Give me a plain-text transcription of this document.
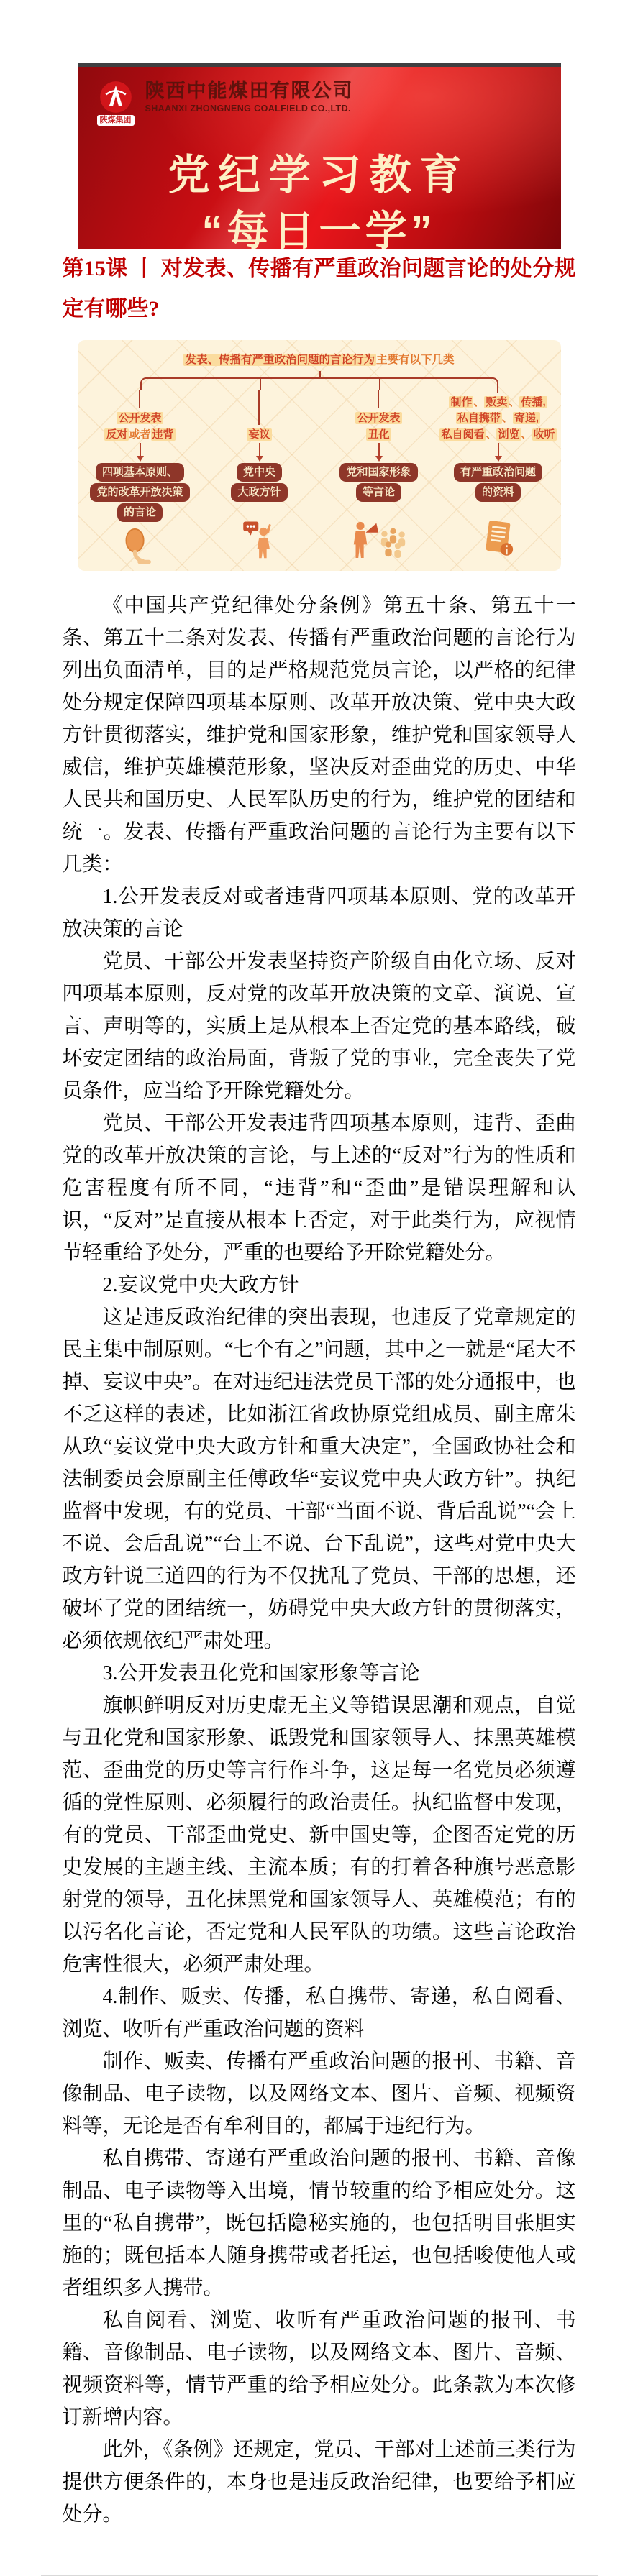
陕煤集团
陕西中能煤田有限公司
SHAANXI ZHONGNENG COALFIELD CO.,LTD.
党纪学习教育
“每日一学”
第15课 丨 对发表、传播有严重政治问题言论的处分规定有哪些?
发表、传播有严重政治问题的言论行为 主要有以下几类
公开发表
反对 或者 违背
四项基本原则、
党的改革开放决策
的言论
妄议
党中央
大政方针
公开发表
丑化
党和国家形象
等言论
制作 、 贩卖 、 传播,
私自携带 、 寄递,
私自阅看 、 浏览 、 收听
有严重政治问题
的资料

《中国共产党纪律处分条例》第五十条、第五十一条、第五十二条对发表、传播有严重政治问题的言论行为列出负面清单，目的是严格规范党员言论，以严格的纪律处分规定保障四项基本原则、改革开放决策、党中央大政方针贯彻落实，维护党和国家形象，维护党和国家领导人威信，维护英雄模范形象，坚决反对歪曲党的历史、中华人民共和国历史、人民军队历史的行为，维护党的团结和统一。发表、传播有严重政治问题的言论行为主要有以下几类：

1.公开发表反对或者违背四项基本原则、党的改革开放决策的言论

党员、干部公开发表坚持资产阶级自由化立场、反对四项基本原则，反对党的改革开放决策的文章、演说、宣言、声明等的，实质上是从根本上否定党的基本路线，破坏安定团结的政治局面，背叛了党的事业，完全丧失了党员条件，应当给予开除党籍处分。

党员、干部公开发表违背四项基本原则，违背、歪曲党的改革开放决策的言论，与上述的“反对”行为的性质和危害程度有所不同，“违背”和“歪曲”是错误理解和认识，“反对”是直接从根本上否定，对于此类行为，应视情节轻重给予处分，严重的也要给予开除党籍处分。

2.妄议党中央大政方针

这是违反政治纪律的突出表现，也违反了党章规定的民主集中制原则。“七个有之”问题，其中之一就是“尾大不掉、妄议中央”。在对违纪违法党员干部的处分通报中，也不乏这样的表述，比如浙江省政协原党组成员、副主席朱从玖“妄议党中央大政方针和重大决定”，全国政协社会和法制委员会原副主任傅政华“妄议党中央大政方针”。执纪监督中发现，有的党员、干部“当面不说、背后乱说”“会上不说、会后乱说”“台上不说、台下乱说”，这些对党中央大政方针说三道四的行为不仅扰乱了党员、干部的思想，还破坏了党的团结统一，妨碍党中央大政方针的贯彻落实，必须依规依纪严肃处理。

3.公开发表丑化党和国家形象等言论

旗帜鲜明反对历史虚无主义等错误思潮和观点，自觉与丑化党和国家形象、诋毁党和国家领导人、抹黑英雄模范、歪曲党的历史等言行作斗争，这是每一名党员必须遵循的党性原则、必须履行的政治责任。执纪监督中发现，有的党员、干部歪曲党史、新中国史等，企图否定党的历史发展的主题主线、主流本质；有的打着各种旗号恶意影射党的领导，丑化抹黑党和国家领导人、英雄模范；有的以污名化言论，否定党和人民军队的功绩。这些言论政治危害性很大，必须严肃处理。

4.制作、贩卖、传播，私自携带、寄递，私自阅看、浏览、收听有严重政治问题的资料

制作、贩卖、传播有严重政治问题的报刊、书籍、音像制品、电子读物，以及网络文本、图片、音频、视频资料等，无论是否有牟利目的，都属于违纪行为。

私自携带、寄递有严重政治问题的报刊、书籍、音像制品、电子读物等入出境，情节较重的给予相应处分。这里的“私自携带”，既包括隐秘实施的，也包括明目张胆实施的；既包括本人随身携带或者托运，也包括唆使他人或者组织多人携带。

私自阅看、浏览、收听有严重政治问题的报刊、书籍、音像制品、电子读物，以及网络文本、图片、音频、视频资料等，情节严重的给予相应处分。此条款为本次修订新增内容。

此外，《条例》还规定，党员、干部对上述前三类行为提供方便条件的，本身也是违反政治纪律，也要给予相应处分。
